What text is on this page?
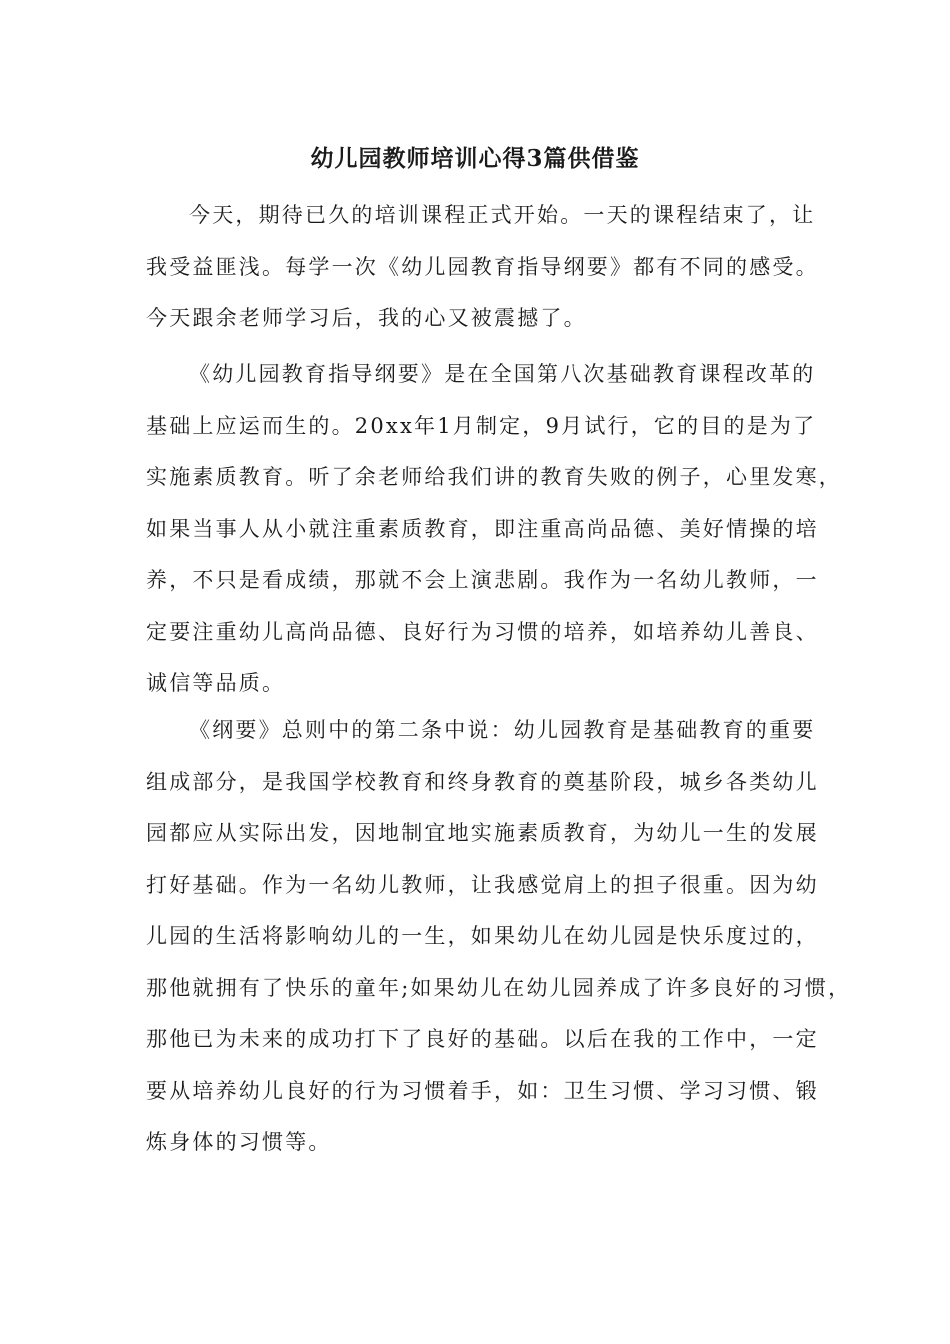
幼儿园教师培训心得3篇供借鉴
今天，期待已久的培训课程正式开始。一天的课程结束了，让
我受益匪浅。每学一次《幼儿园教育指导纲要》都有不同的感受。
今天跟余老师学习后，我的心又被震撼了。
《幼儿园教育指导纲要》是在全国第八次基础教育课程改革的
基础上应运而生的。20xx年1月制定，9月试行，它的目的是为了
实施素质教育。听了余老师给我们讲的教育失败的例子，心里发寒，
如果当事人从小就注重素质教育，即注重高尚品德、美好情操的培
养，不只是看成绩，那就不会上演悲剧。我作为一名幼儿教师，一
定要注重幼儿高尚品德、良好行为习惯的培养，如培养幼儿善良、
诚信等品质。
《纲要》总则中的第二条中说：幼儿园教育是基础教育的重要
组成部分，是我国学校教育和终身教育的奠基阶段，城乡各类幼儿
园都应从实际出发，因地制宜地实施素质教育，为幼儿一生的发展
打好基础。作为一名幼儿教师，让我感觉肩上的担子很重。因为幼
儿园的生活将影响幼儿的一生，如果幼儿在幼儿园是快乐度过的，
那他就拥有了快乐的童年;如果幼儿在幼儿园养成了许多良好的习惯，
那他已为未来的成功打下了良好的基础。以后在我的工作中，一定
要从培养幼儿良好的行为习惯着手，如：卫生习惯、学习习惯、锻
炼身体的习惯等。
